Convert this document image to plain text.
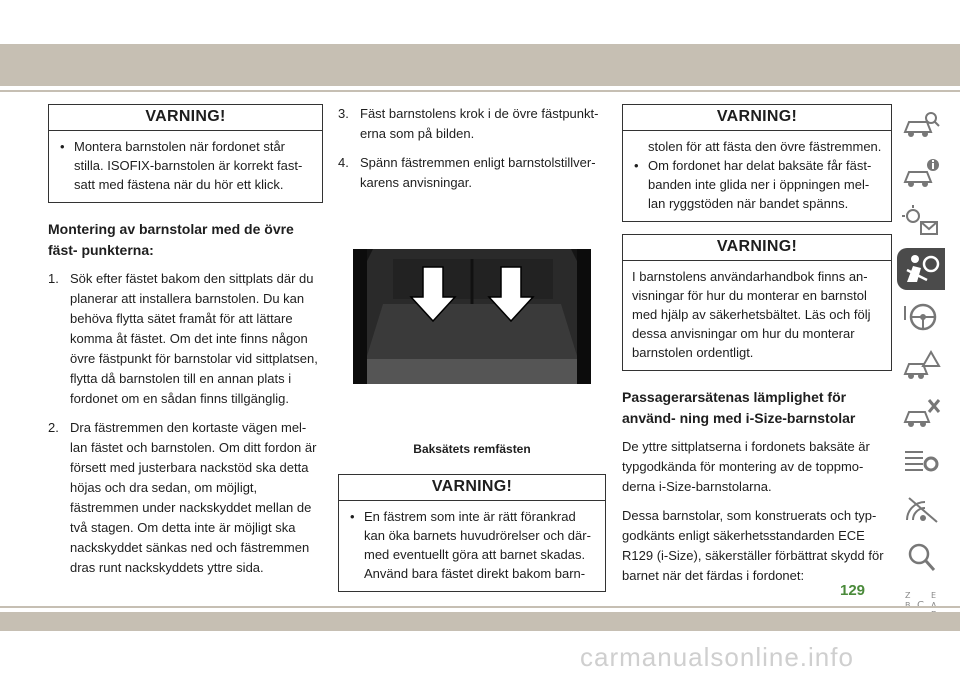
VARNING!
• Montera barnstolen när fordonet står stilla. ISOFIX-barnstolen är korrekt fast- satt med fästena när du hör ett klick.
Montering av barnstolar med de övre fäst- punkterna:
1. Sök efter fästet bakom den sittplats där du planerar att installera barnstolen. Du kan behöva flytta sätet framåt för att lättare komma åt fästet. Om det inte finns någon övre fästpunkt för barnstolar vid sittplatsen, flytta då barnstolen till en annan plats i fordonet om en sådan finns tillgänglig.
2. Dra fästremmen den kortaste vägen mel- lan fästet och barnstolen. Om ditt fordon är försett med justerbara nackstöd ska detta höjas och dra sedan, om möjligt, fästremmen under nackskyddet mellan de två stagen. Om detta inte är möjligt ska nackskyddet sänkas ned och fästremmen dras runt nackskyddets yttre sida.
3. Fäst barnstolens krok i de övre fästpunkt- erna som på bilden.
4. Spänn fästremmen enligt barnstolstillver- karens anvisningar.
Baksätets remfästen
VARNING!
• En fästrem som inte är rätt förankrad kan öka barnets huvudrörelser och där- med eventuellt göra att barnet skadas. Använd bara fästet direkt bakom barn-
VARNING!
stolen för att fästa den övre fästremmen.
• Om fordonet har delat baksäte får fäst- banden inte glida ner i öppningen mel- lan ryggstöden när bandet spänns.
VARNING!
I barnstolens användarhandbok finns an- visningar för hur du monterar en barnstol med hjälp av säkerhetsbältet. Läs och följ dessa anvisningar om hur du monterar barnstolen ordentligt.
Passagerarsätenas lämplighet för använd- ning med i-Size-barnstolar

De yttre sittplatserna i fordonets baksäte är typgodkända för montering av de toppmo- derna i-Size-barnstolarna.

Dessa barnstolar, som konstruerats och typ- godkänts enligt säkerhetsstandarden ECE R129 (i-Size), säkerställer förbättrat skydd för barnet när det färdas i fordonet:

Z	E
129
carmanualsonline.info
